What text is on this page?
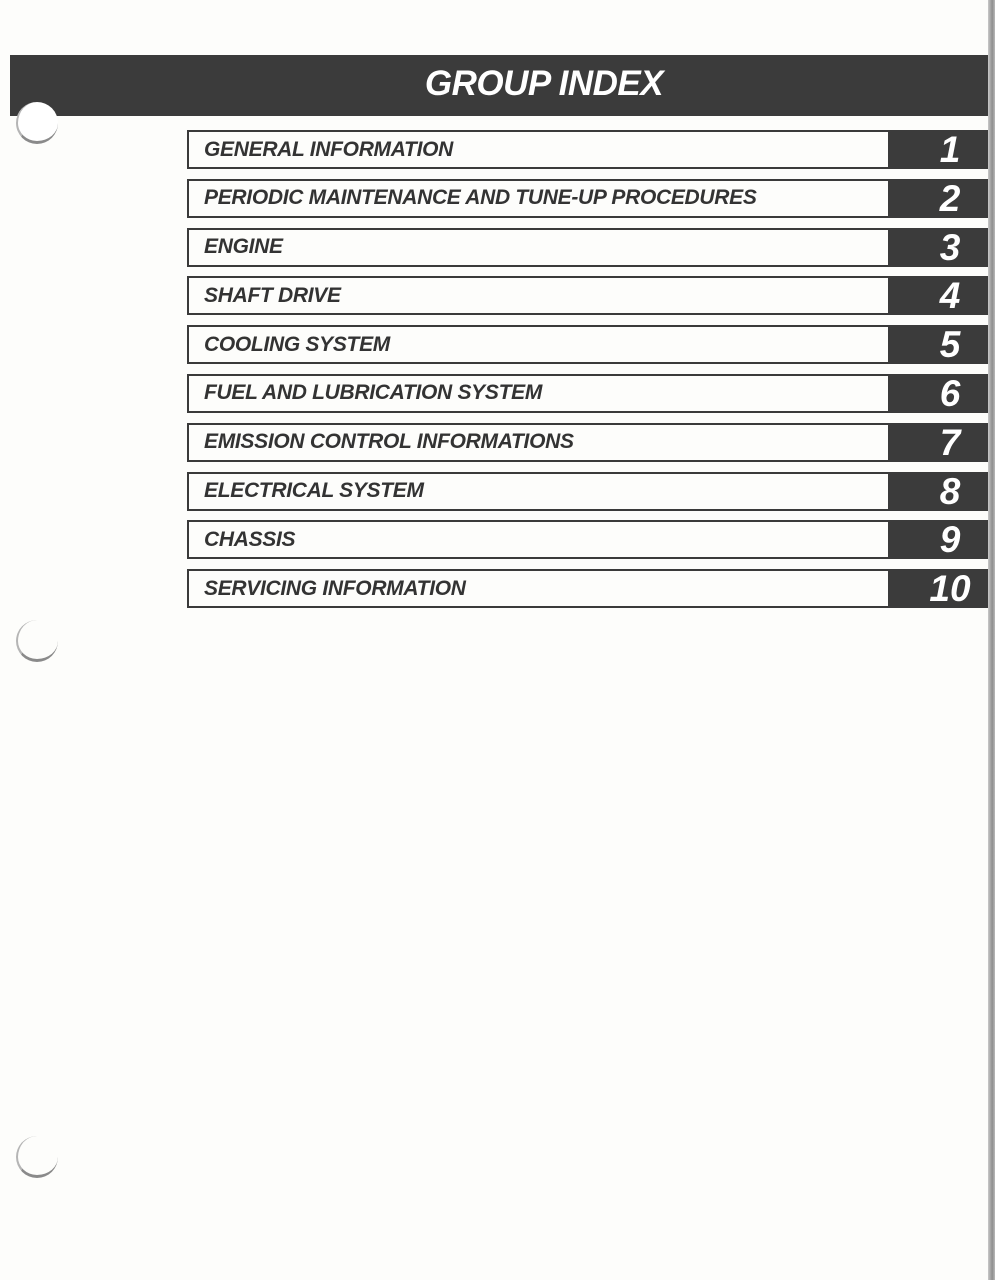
GROUP INDEX
GENERAL INFORMATION	1
PERIODIC MAINTENANCE AND TUNE-UP PROCEDURES	2
ENGINE	3
SHAFT DRIVE	4
COOLING SYSTEM	5
FUEL AND LUBRICATION SYSTEM	6
EMISSION CONTROL INFORMATIONS	7
ELECTRICAL SYSTEM	8
CHASSIS	9
SERVICING INFORMATION	10
